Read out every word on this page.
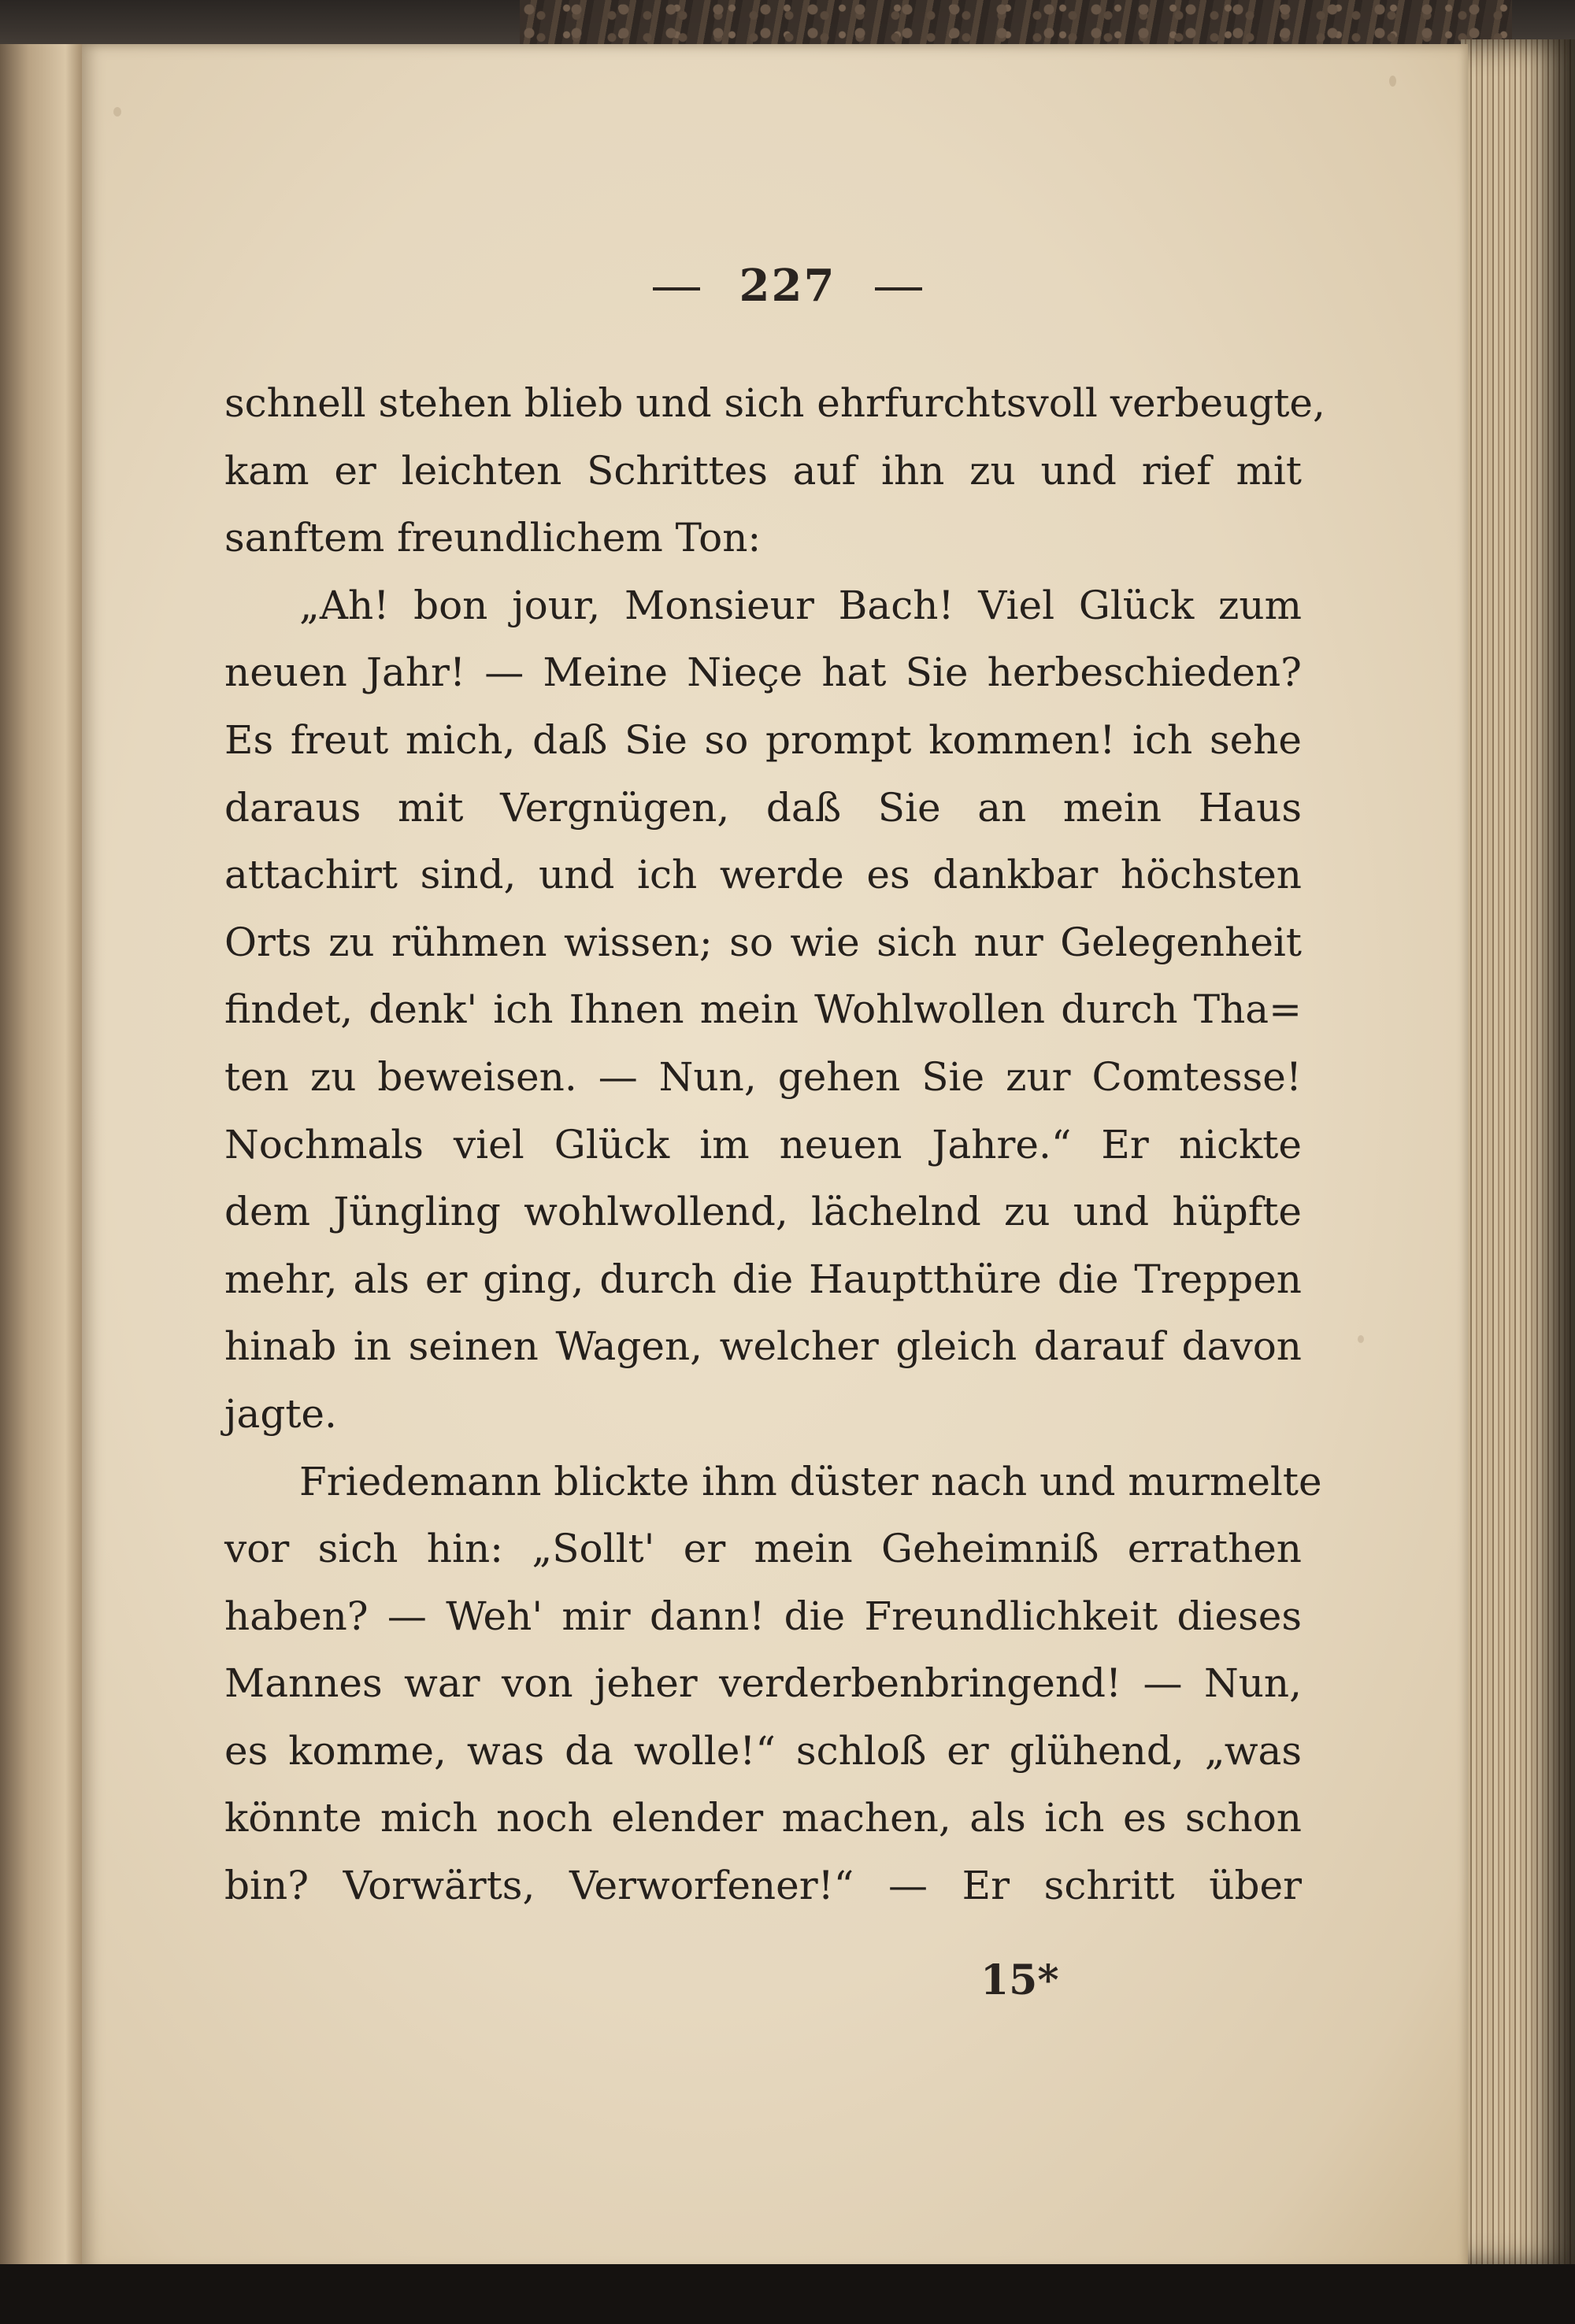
227
schnell stehen blieb und sich ehrfurchtsvoll verbeugte,
kam er leichten Schrittes auf ihn zu und rief mit
sanftem freundlichem Ton:
„Ah! bon jour, Monsieur Bach! Viel Glück zum
neuen Jahr! — Meine Nieçe hat Sie herbeschieden?
Es freut mich, daß Sie so prompt kommen! ich sehe
daraus mit Vergnügen, daß Sie an mein Haus
attachirt sind, und ich werde es dankbar höchsten
Orts zu rühmen wissen; so wie sich nur Gelegenheit
findet, denk' ich Ihnen mein Wohlwollen durch Tha=
ten zu beweisen. — Nun, gehen Sie zur Comtesse!
Nochmals viel Glück im neuen Jahre.“ Er nickte
dem Jüngling wohlwollend, lächelnd zu und hüpfte
mehr, als er ging, durch die Hauptthüre die Treppen
hinab in seinen Wagen, welcher gleich darauf davon
jagte.
Friedemann blickte ihm düster nach und murmelte
vor sich hin: „Sollt' er mein Geheimniß errathen
haben? — Weh' mir dann! die Freundlichkeit dieses
Mannes war von jeher verderbenbringend! — Nun,
es komme, was da wolle!“ schloß er glühend, „was
könnte mich noch elender machen, als ich es schon
bin? Vorwärts, Verworfener!“ — Er schritt über
15*
